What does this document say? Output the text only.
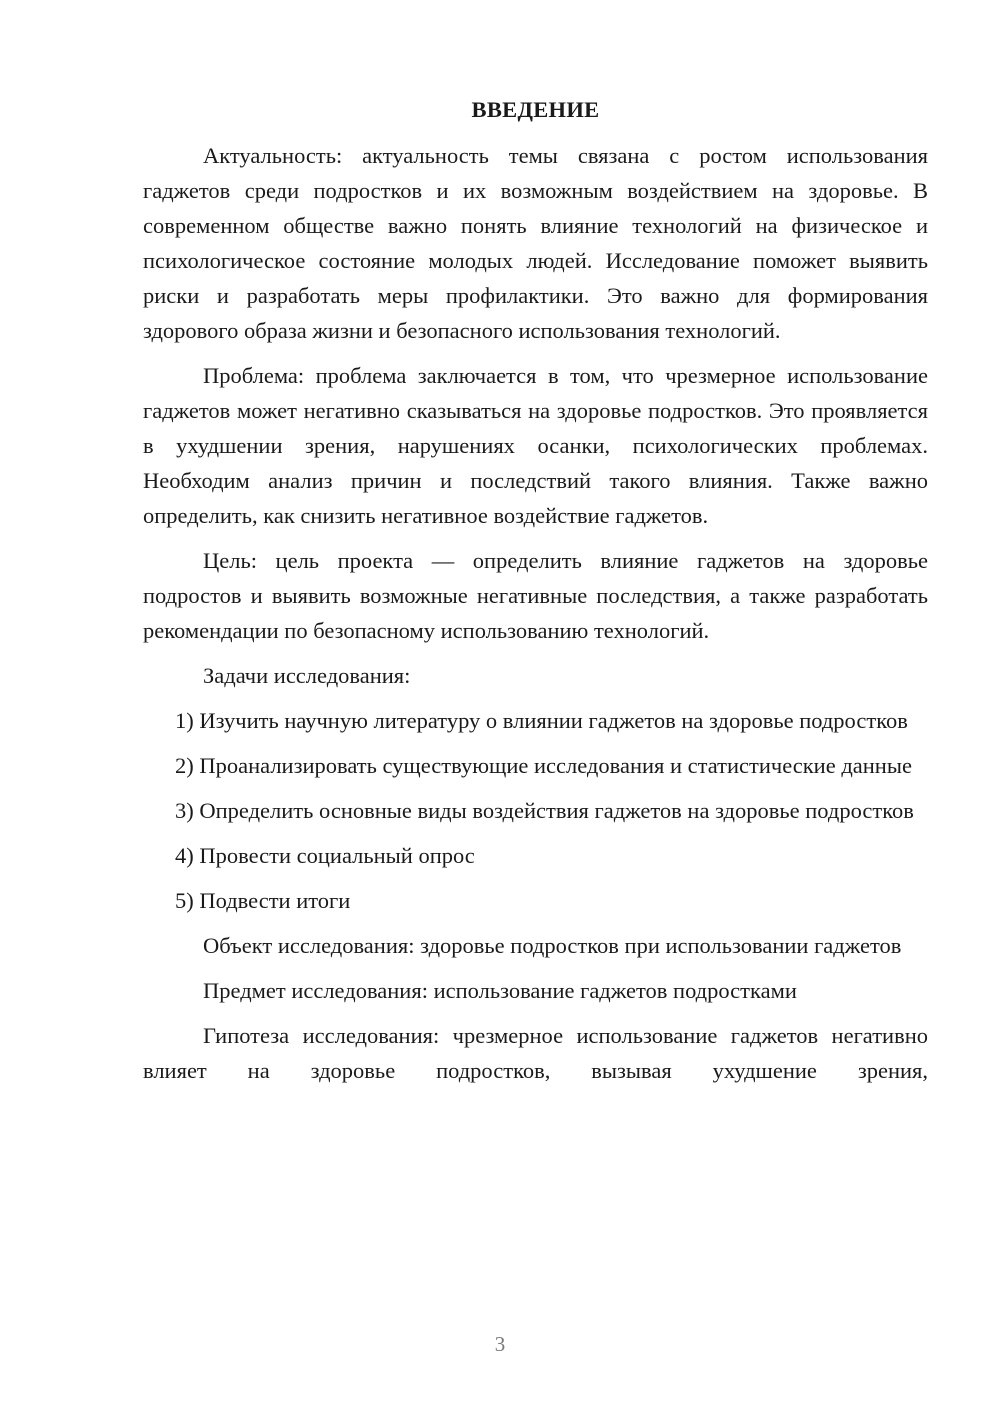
ВВЕДЕНИЕ

Актуальность: актуальность темы связана с ростом использования гаджетов среди подростков и их возможным воздействием на здоровье. В современном обществе важно понять влияние технологий на физическое и психологическое состояние молодых людей. Исследование поможет выявить риски и разработать меры профилактики. Это важно для формирования здорового образа жизни и безопасного использования технологий.

Проблема: проблема заключается в том, что чрезмерное использование гаджетов может негативно сказываться на здоровье подростков. Это проявляется в ухудшении зрения, нарушениях осанки, психологических проблемах. Необходим анализ причин и последствий такого влияния. Также важно определить, как снизить негативное воздействие гаджетов.

Цель: цель проекта — определить влияние гаджетов на здоровье подростов и выявить возможные негативные последствия, а также разработать рекомендации по безопасному использованию технологий.

Задачи исследования:

1) Изучить научную литературу о влиянии гаджетов на здоровье подростков

2) Проанализировать существующие исследования и статистические данные

3) Определить основные виды воздействия гаджетов на здоровье подростков

4) Провести социальный опрос

5) Подвести итоги

Объект исследования: здоровье подростков при использовании гаджетов

Предмет исследования: использование гаджетов подростками

Гипотеза исследования: чрезмерное использование гаджетов негативно влияет на здоровье подростков, вызывая ухудшение зрения,

3
